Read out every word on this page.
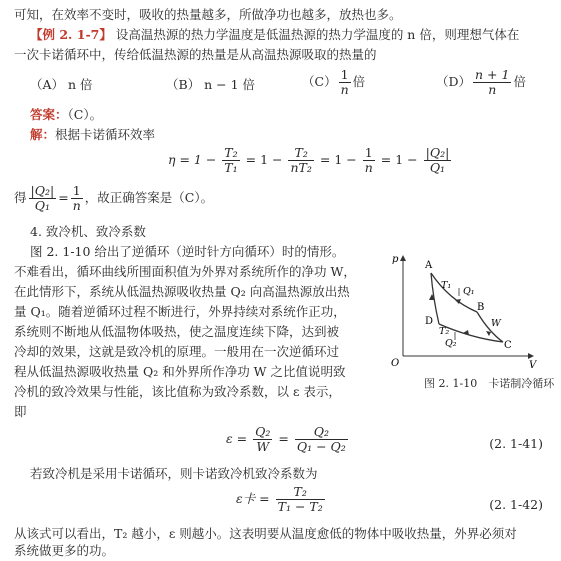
可知，在效率不变时，吸收的热量越多，所做净功也越多，放热也多。
【例 2. 1-7】 设高温热源的热力学温度是低温热源的热力学温度的 n 倍，则理想气体在
一次卡诺循环中，传给低温热源的热量是从高温热源吸取的热量的
（A） n 倍	（B） n − 1 倍	$(C) \frac{1}{n}$ 倍	$(D) \frac{n + 1}{n}$ 倍
答案：（C）。
解：根据卡诺循环效率
$\eta = 1 - \frac{\text{T₂}}{\text{T₁}} = 1 - \frac{\text{T₂}}{\text{nT₂}} = 1 - \frac{1}{n} = 1 - \frac{\text{|Q₂|}}{\text{Q₁}}$
得 $\frac{\text{|Q₂|}}{\text{Q₁}} = \frac{1}{n}$ ，故正确答案是（C）。
4. 致冷机、致冷系数
图 2. 1-10 给出了逆循环（逆时针方向循环）时的情形。
不难看出，循环曲线所围面积值为外界对系统所作的净功 W，
在此情形下，系统从低温热源吸收热量 Q₂ 向高温热源放出热
量 Q₁。随着逆循环过程不断进行，外界持续对系统作正功，
系统则不断地从低温物体吸热，使之温度连续下降，达到被
冷却的效果，这就是致冷机的原理。一般用在一次逆循环过
程从低温热源吸收热量 Q₂ 和外界所作净功 W 之比值说明致
冷机的致冷效果与性能，该比值称为致冷系数，以 ε 表示，
即
p
V
O
A
B
C
D
T₁
Q₁
T₂
Q₂
W
图 2. 1-10　卡诺制冷循环
$\varepsilon = \frac{\text{Q₂}}{W} = \frac{\text{Q₂}}{\text{Q₁ − Q₂}}$	(2. 1-41)
若致冷机是采用卡诺循环，则卡诺致冷机致冷系数为
ε卡 = $\frac{\text{T₂}}{\text{T₁ − T₂}}$	(2. 1-42)
从该式可以看出，T₂ 越小，ε 则越小。这表明要从温度愈低的物体中吸收热量，外界必须对
系统做更多的功。
